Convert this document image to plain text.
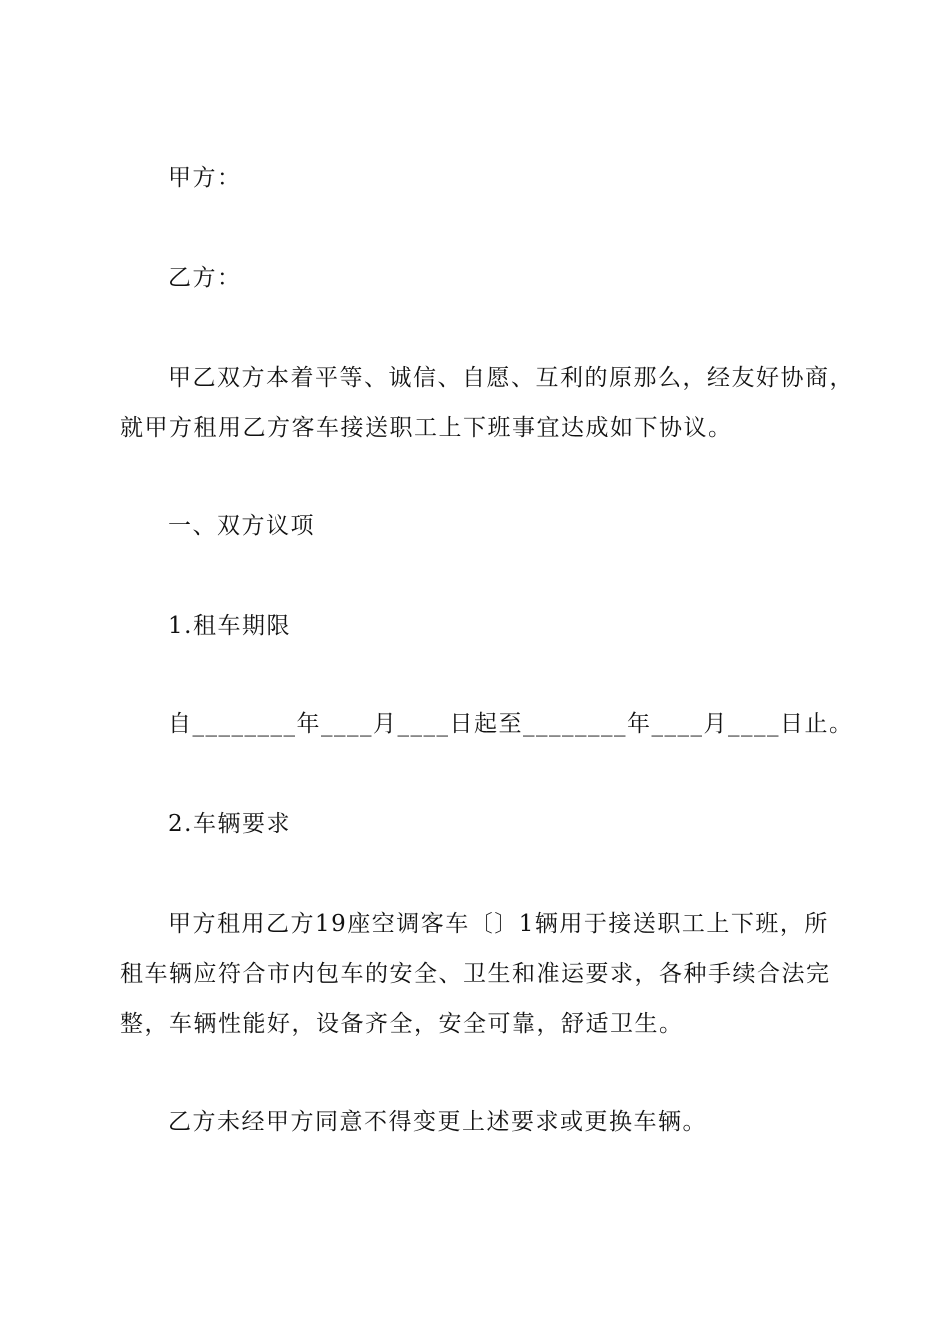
甲方：
乙方：
甲乙双方本着平等、诚信、自愿、互利的原那么，经友好协商，
就甲方租用乙方客车接送职工上下班事宜达成如下协议。
一、双方议项
1.租车期限
自________年____月____日起至________年____月____日止。
2.车辆要求
甲方租用乙方19座空调客车〔〕1辆用于接送职工上下班，所
租车辆应符合市内包车的安全、卫生和准运要求，各种手续合法完
整，车辆性能好，设备齐全，安全可靠，舒适卫生。
乙方未经甲方同意不得变更上述要求或更换车辆。
